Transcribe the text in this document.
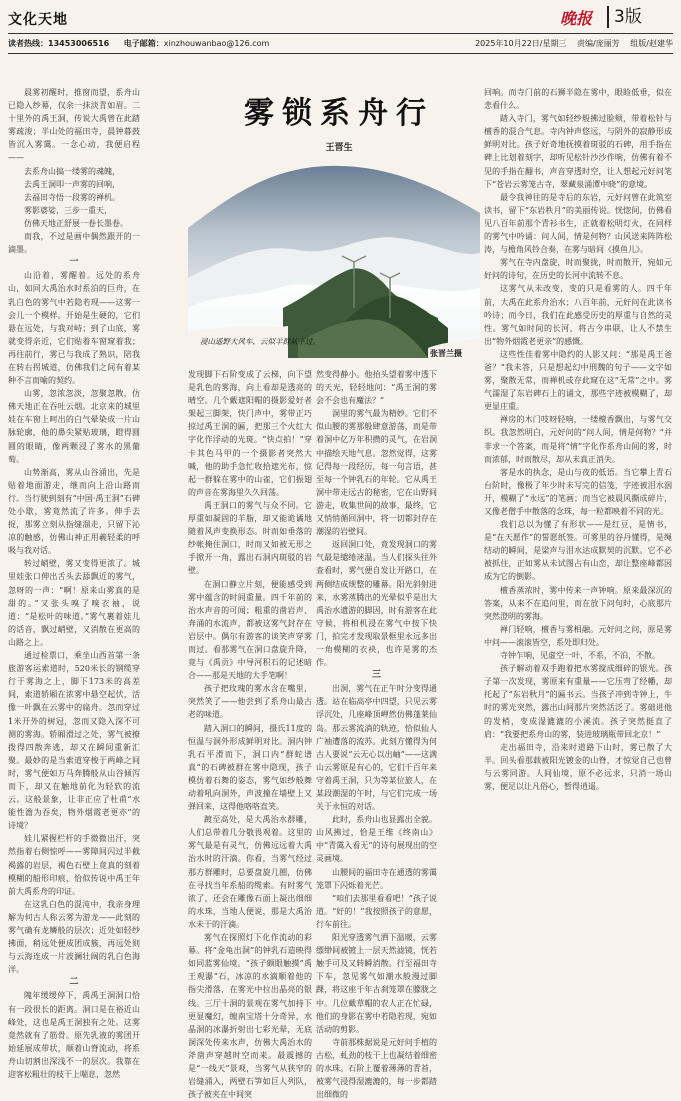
文化天地	晚报	3版
读者热线：13453006516 电子邮箱：xinzhouwanbao@126.com	2025年10月22日/星期三 责编/庞丽芳 组版/赵建华
雾锁系舟行
王晋生
浸山遥野大风车，云似羊群从下过。
张晋兰摄

晨雾初醒时，推窗而望，系舟山已隐入纱幕，仅余一抹淡青如眉。二十里外的禹王洞，传说大禹曾在此踏雾疏浚；半山处的福田寺，晨钟暮鼓皆沉入雾霭。一念心动，我便启程——

去系舟山搞一缕雾的魂魄，

去禹王洞叩一声雾的回响，

去福田寺悟一段雾的禅机。

雾影婆娑，三步一重天，

仿佛天地正舒展一卷长墨卷。

而我，不过是画中偶然跟开的一滴墨。

一

山沿着，雾醒着。远处的系舟山，如同大禹治水时系泊的巨舟，在乳白色的雾气中若隐若现——这雾一会儿一个模样。开始是生硬的，它们悬在远处，与我对峙；到了山底，雾就变得亲近，它们贴着车窗窥着我；再往前行，雾已与我成了熟识，陪我在转右拐城道，仿佛我们之间有着某种不言而喻的契约。

山雾，忽浓忽淡，忽聚忽散，仿佛天地正在吞吐云烟。北京来的城里娃在车窗上呵出的白气晕染成一片山脉轮廓，他的鼻尖紧贴玻璃，瞪得圆圆的眼睛，像两颗浸了雾水的黑葡萄。

山势渐高，雾从山谷涌出，先是贴着地面游走，继而向上沿山路而行。当行驶到刻有“中国·禹王洞”石碑处小歇，雾竟然流了许多。伸手去捉，那雾立刻从指缝溜走，只留下沁凉的触感，仿佛山神正用羲轻柔的呼吸与我对话。

转过峭壁，雾又变得更浓了。城里娃张口伸出舌头去舔飘近的雾气，忽呀的一声：“啊！原来山雾真的是甜的。”又张头嗅了嗅衣袖，说道：“是松叶的味道。”雾气裹着娃儿的话音，飘过峭壁，又消散在更高的山路之上。

通过检票口，乘坐山西首第一条旅游客运索道时，520米长的钢缆穿行于雾海之上，脚下173米的高差间，索道轿厢在浓雾中悬空起伏，活像一叶飘在云雾中的扁舟。忽而穿过1米开外的树冠，忽而又隐入深不可测的雾海。轿厢滑过之处，雾气被撩拨得四散奔逃，却又在瞬间重新汇聚。最妙的是当索道穿梭于两峰之间时，雾气便如万马奔腾般从山谷倾泻而下，却又在触地前化为轻软的流云。这般景象，让非正应了杜甫“水能性澹为吞矣，物外烟霞老更亦”的诗境？

娃儿紧握栏杆的手微微出汗，突然指着右侧惊呼——雾障间闪过半截褐露的岩层，褐色石壁上竟真的刻着模糊的船形印痕，恰似传说中禹王年前大禹系舟的印证。

在这乳白色的混沌中，我亲身理解为何古人称云雾为游龙——此刻的雾气确有龙鳞般的层次；近处如轻纱拂面，稍远处便成团成簇，再远处则与云海连成一片波澜壮阔的乳白色海洋。

二

隗年缓缓停下，禹禹王洞洞口恰有一段很长的距离。洞口是在裕近山峰处，这也是禹王洞独有之处。这雾竟然就有了筋骨。原先乳液的雾团开始延展成带状，顺着山脊流动，将系舟山切割出深浅不一的层次。我靠在迎客松粗壮的枝干上喘息，忽然

发现脚下石阶变成了云梯，向下望是乳色的雾海，向上看却是透亮的晴空。几个戴遮阳帽的摄影爱好者架起三脚架，快门声中，雾带正巧掠过禹王洞的匾，把那三个火红大字化作浮动的光斑。“快点拍！”穿卡其色马甲的一个摄影者突然大喊，他的助手急忙收拾遮光布，惊起一群躲在雾中的山雀，它们振翅的声音在雾海里久久回荡。

禹王洞口的雾气与众不同。它厚重如凝固的羊脂，却又能诡谲地随着风声变换形态。时而如垂落的纱帐掩住洞口，时而又如被无形之手掀开一角，露出石洞内斑驳的岩壁。

在洞口静立片刻，便能感受到雾中蕴含的时间重量。四千年前的治水声音的可闻；粗重的凿岩声、奔涌的水流声，都被这雾气封存在岩层中。偶尔有游客的谈笑声穿雾而过。看那雾气在洞口盘旋升降，竟与《禹贡》中导河积石的记述暗合——那是天地的大手笔啊！

孩子把玫瑰的雾水含在嘴里，突然笑了——他尝到了系舟山最古老的味道。

踏入洞口的瞬间，摄氏11度的恒温与洞外形成鲜明对比。洞内钟乳石平滑而下，洞口内“群蛇谱真”的石碑被群在雾中隐现，孩子模仿着石舞的姿态，雾气如纱般舞动着吼向洞外，声波撞在墙壁上又弹回来，这得他咯咯直笑。

踱至高处，是大禹治水群雕，人们总带着几分敬畏观着。这里的雾气最是有灵气，仿佛远远着大禹治水时的汗滴。你看，当雾气经过那方群雕时，总要盘旋几圈，仿佛在寻找当年系船的缆索。有时雾气浓了，还会在雕像石面上凝出细细的水珠，当地人便说，那是大禹治水未干的汗滴。

雾气在探照灯下化作流动的彩幕。将“金龟出洞”的钟乳石造映得如同蓝雾仙境。“孩子颇眼触摸”禹王观瀑”石，冰凉的水滴顺着他的指尖滑落，在雾光中拉出晶亮的银线。三厅十洞的景观在雾气加持下更显魔幻，缠南宝塔十分奇异，水晶洞的冰瀑折射出七彩光晕，无底洞深处传来水声，仿佛大禹治水的斧凿声穿越时空而来。最震撼的是“一线天”景观，当雾气从狭窄的岩缝涌入，两壁石笋如巨人列队，孩子被夹在中间突

然变得静小。他抬头望着雾中透下的天光，轻轻地问：“禹王洞的雾会不会也有魔法？”

洞里的雾气最为精妙。它们不似山腰的雾那般肆意游荡，而是带着洞中亿万年积攒的灵气，在岩洞中描绘天地气息。忽然觉得，这雾记得每一段经历，每一句言语，甚至每一个钟乳石的年轮。它从禹王洞中带走远古的秘密，它在山野间游走，收集世间的故事，最终，它又悄悄循回洞中，将一切都封存在潮湿的岩壁间。

返回洞口处，竟发现洞口的雾气最是缱绻迷温。当人们探头往外查看时，雾气便自发让开路口，在两侧结成规整的雕幕。阳光斜射进来，水雾蒸腾出的光晕似乎是出大禹治水遗游的脚因，时有游客在此守候，将相机浸在雾气中按下快门，拍完才发现取景框里永远多出一角模糊的衣袂，也许是雾的杰作。

三

出洞，雾气在正午时分变得通透。站在临高亭中四望，只见云雾浮沉处，几座峰顶岬然仿佛蓬莱仙岛。那云雾流淌的轨迹，恰似仙人广袖遭落的流苏。此刻方懂得为何古人要说“云无心以出岫”——这满山云雾原是有心的，它们千百年来守着禹王洞，只为等某位旅人，在某段潮湿的午时，与它们完成一场关于永恒的对话。

此时，系舟山也显露出全貌。山风拂过，恰是王维《终南山》中“青霭入看无”的诗句展现出的空灵画境。

山腰间的福田寺在通透的雾霭笼罩下闪烁着光芒。

“咱们去那里看看吧！”孩子说道。“好的！”我按照孩子的意愿，行车前往。

阳光穿透雾气洒下温暖，云雾缥缈间被镀上一层天然滤镜，恍若触手可及又转瞬消散。行至福田寺下车，忽见雾气如潮水般漫过脚踝，将这座千年古刹笼罩在朦胧之中。几位戴草帽的农人正在忙碌，他们的身影在雾中若隐若现，宛如活动的剪影。

寺前那株据说是元好问手植的古松，虬劲的枝干上也凝结着细密的水珠。石阶上覆着薄薄的青苔，被雾气浸得湿漉漉的，每一步都踏出细微的

回响。而寺门前的石狮半隐在雾中，眼睑低垂，似在悲看什么。

踏入寺门，雾气如轻纱般拂过脸颊，带着松针与檀香的混合气息。寺内钟声悠远，与阴外的寂静形成鲜明对比。孩子好奇地抚摸着斑驳的石碑，用手指在碑上比划着刻字，却听见松针沙沙作响，仿佛有着不见的手指在翻书，声音穿透时空，让人想起元好问笔下“苍岩云雾笼古寺，翠藏泉涌潭中晓”的意境。

最令我神往的是寺后的东岩，元好问曾在此筑室读书，留下“东岩秩月”的美丽传说。恍惚间，仿佛看见八百年前那个青衫书生，正就着松明灯火，在同样的雾气中吟诵：问人间，情是何物？山风送来阵阵松涛，与檐角风铃合奏，在雾与暗间《摸鱼儿》。

雾气在寺内盘旋，时而聚拢，时而散开，宛如元好问的诗句，在历史的长河中流转不息。

这雾气从未改变，变的只是看雾的人。四千年前，大禹在此系舟治水；八百年前，元好问在此读书吟诗；而今日，我们在此感受历史的厚重与自然的灵性。雾气如时间的长河，将古今串联，让人不禁生出“物外烟霞老更亲”的感慨。

这些性佳着雾中隐约的人影又问：“那是禹王爸爸？”我未答，只是想起幻中刑魏的句子——文字如雾，聚散无常，而禅机或存此窥在这“无常”之中。雾气濡湿了东岩碑石上的诵文，那些字迹被模糊了，却更显庄重。

禅房的木门吱呀轻响，一缕檀香飘出，与雾气交织。我忽然明白，元好问的“问人间，情是何物？”并非求一个答案，而是将“情”字化作系舟山间的雾，时而浓郁，时而散尽，却从未真正消失。

客是水的执念，是山与夜的低语。当它攀上青石台阶时，像极了年少时未写完的信笺，字迹被泪水洇开，模糊了“永远”的笔画；而当它被晨风撕成碎片，又像老僧手中散落的念珠，每一粒都映着不同的光。

我们总以为懂了有形状——是红豆，是情书，是“在天愿作”的誓愿纸签。可雾里的谷丹懂得，是绳结动的瞬间，是梁声与泪水达成默契的沉默。它不必被抓住，正如雾从未试图占有山峦，却让整座峰都因成为它的倒影。

檀香蒸浓时，雾中传来一声钟响。原来最深沉的答案，从来不在追问里，而在放下问句时，心底那片突然澄明的雾海。

禅门轻响，檀香与雾相融。元好问之问，原是雾中问——滚滚皆空，系处即归处。

寺钟乍响，见虚空一叶，不系，不泊，不散。

孩子解动着双手跑着把水雾搅成细碎的银光。孩子第一次发现，雾原来有重量——它压弯了经幡，却托起了“东岩秋月”的匾书云。当孩子冲到寺钟上，牛时的雾光突然，露出山间那片突然活泛了。雾础进他的发梢，变成湿漉漉的小溪流。孩子突然挺直了肩：“我要把系舟山的雾，装进玻璃瓶带回北京！”

走出福田寺，沿来时道路下山时，雾已散了大半。回头看那载被阳光镀金的山脊，才惊觉自己也曾与云雾同游。人间仙境，原不必远求，只消一场山雾，便足以让凡俗心，暂得逍遥。
